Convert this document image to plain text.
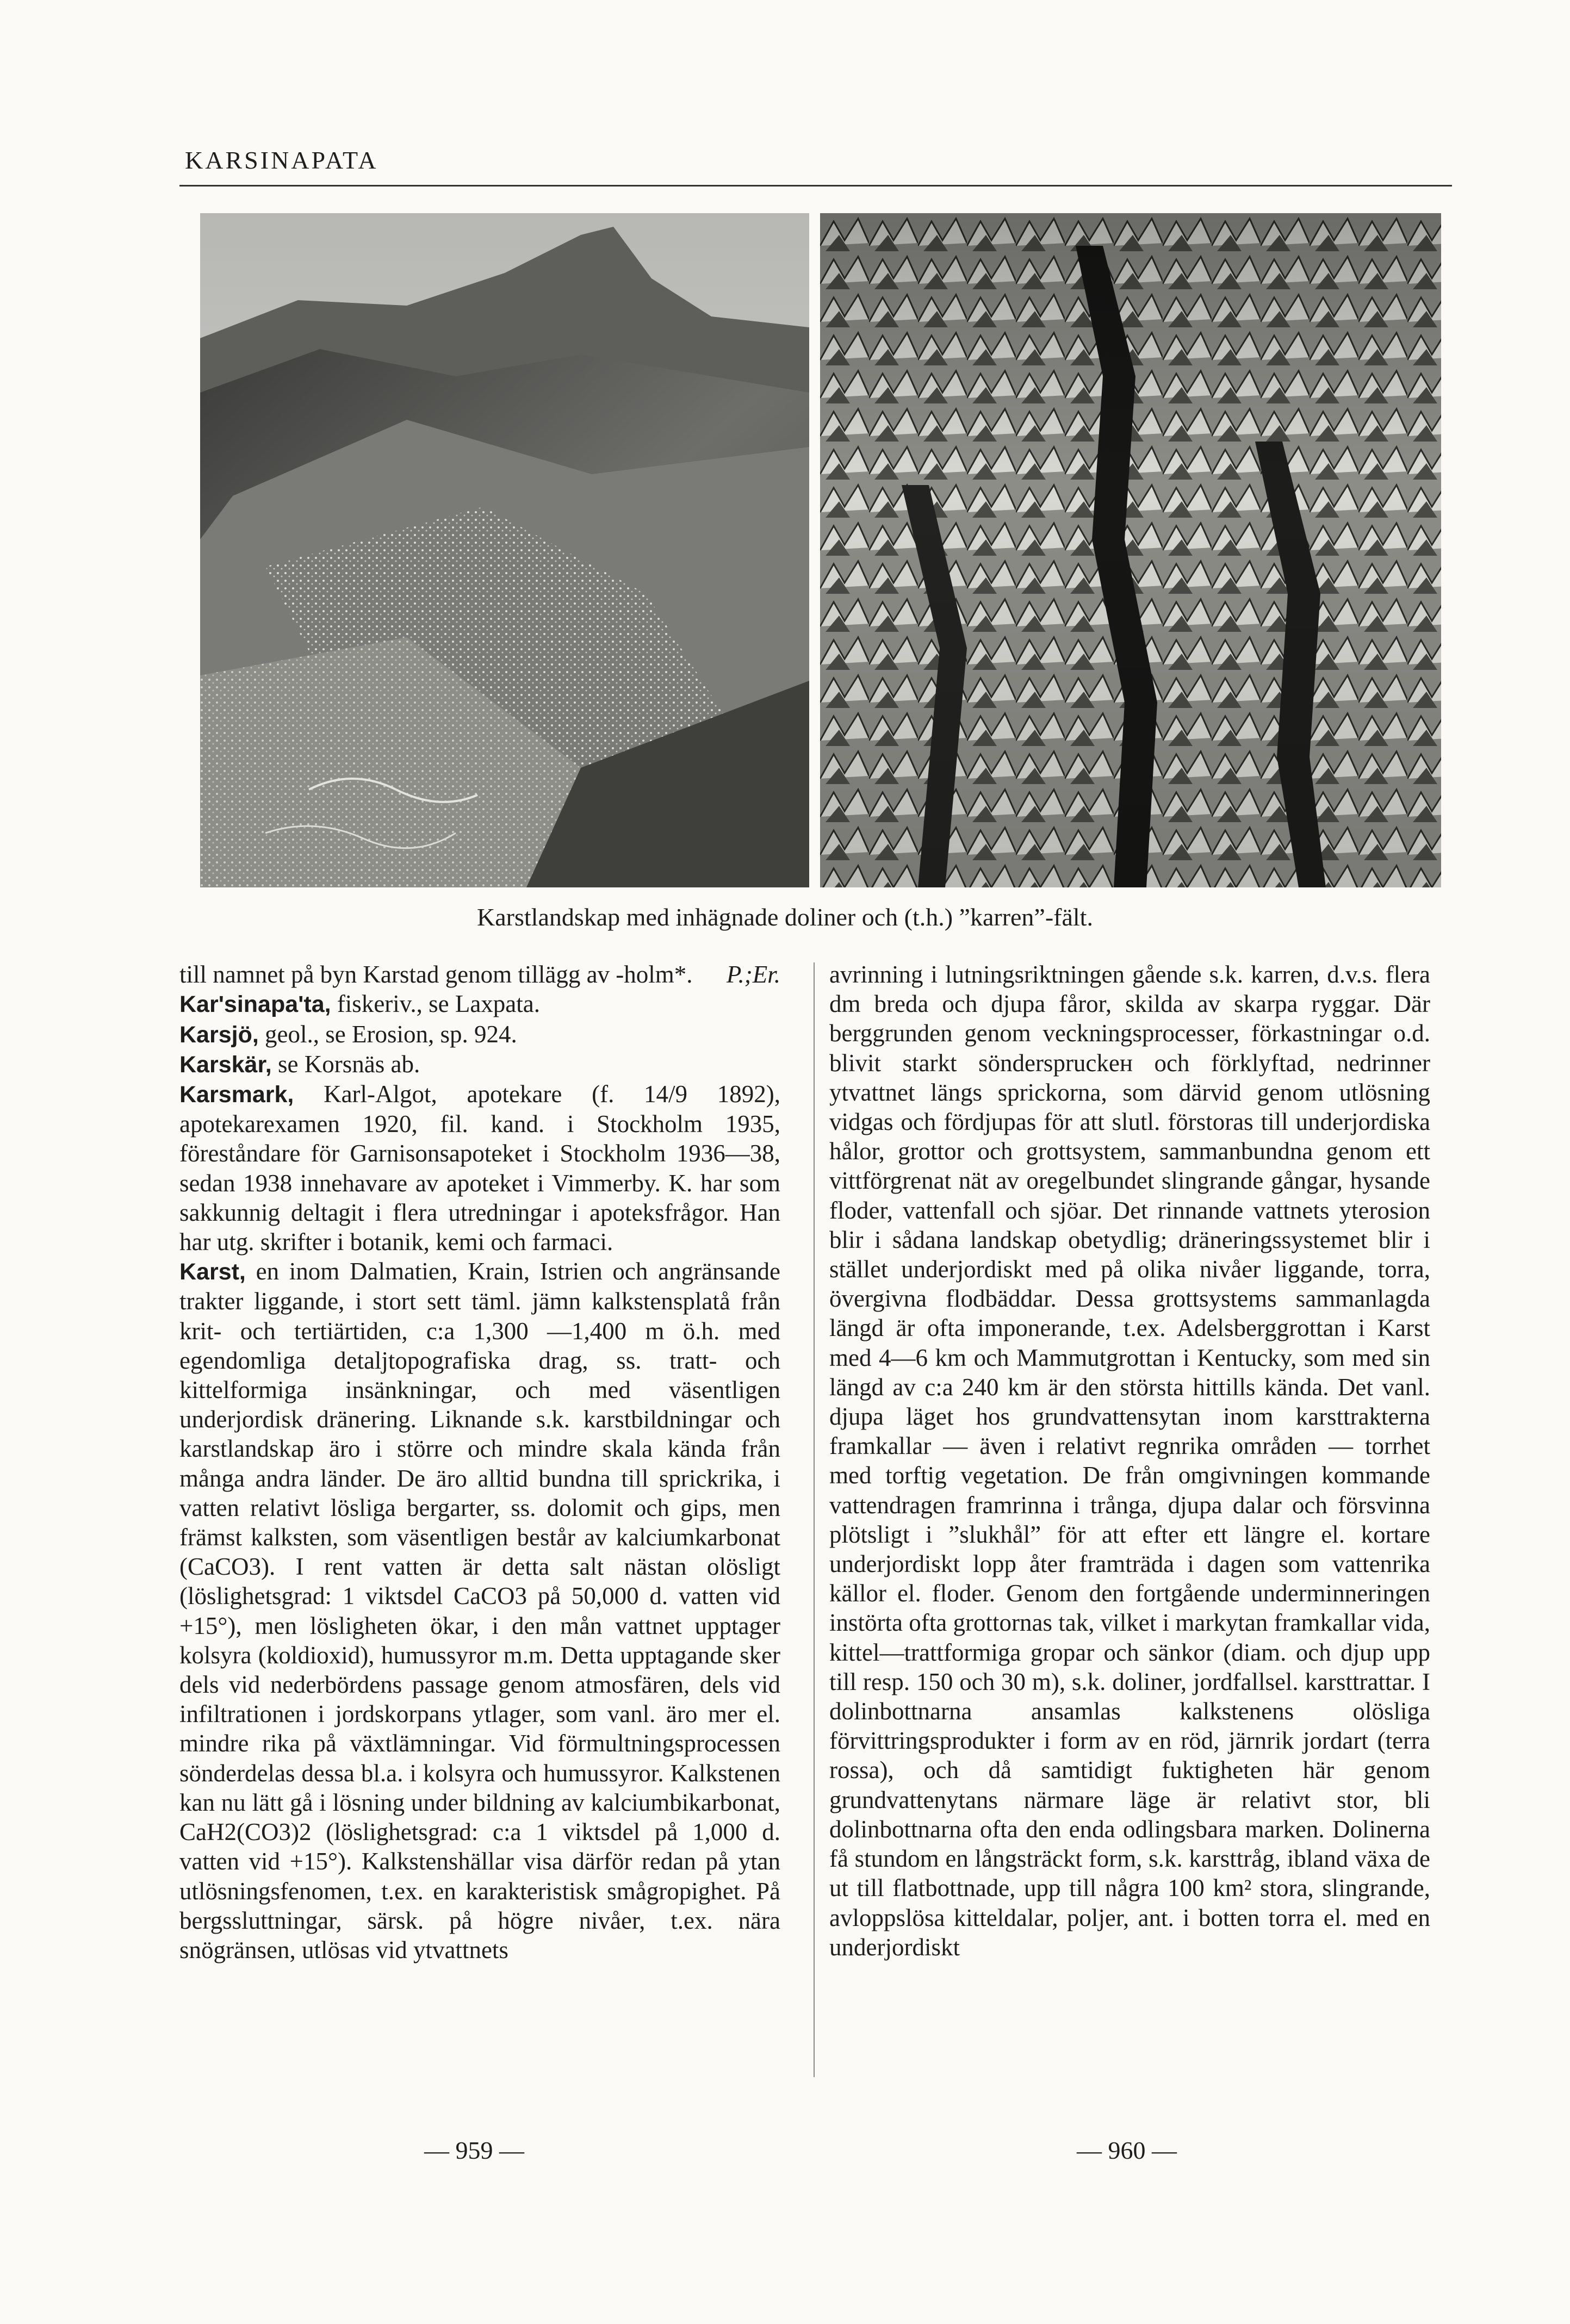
KARSINAPATA
Karstlandskap med inhägnade doliner och (t.h.) ”karren”-fält.

till namnet på byn Karstad genom tillägg av -holm*.	P.;Er.

Kar'sinapa'ta, fiskeriv., se Laxpata.

Karsjö, geol., se Erosion, sp. 924.

Karskär, se Korsnäs ab.

Karsmark, Karl-Algot, apotekare (f. 14/9 1892), apotekarexamen 1920, fil. kand. i Stockholm 1935, föreståndare för Garnisonsapoteket i Stockholm 1936—38, sedan 1938 innehavare av apoteket i Vimmerby. K. har som sakkunnig deltagit i flera utredningar i apoteksfrågor. Han har utg. skrifter i botanik, kemi och farmaci.

Karst, en inom Dalmatien, Krain, Istrien och angränsande trakter liggande, i stort sett täml. jämn kalkstensplatå från krit- och tertiärtiden, c:a 1,300 —1,400 m ö.h. med egendomliga detaljtopografiska drag, ss. tratt- och kittelformiga insänkningar, och med väsentligen underjordisk dränering. Liknande s.k. karstbildningar och karstlandskap äro i större och mindre skala kända från många andra länder. De äro alltid bundna till sprickrika, i vatten relativt lösliga bergarter, ss. dolomit och gips, men främst kalksten, som väsentligen består av kalciumkarbonat (CaCO3). I rent vatten är detta salt nästan olösligt (löslighetsgrad: 1 viktsdel CaCO3 på 50,000 d. vatten vid +15°), men lösligheten ökar, i den mån vattnet upptager kolsyra (koldioxid), humussyror m.m. Detta upptagande sker dels vid nederbördens passage genom atmosfären, dels vid infiltrationen i jordskorpans ytlager, som vanl. äro mer el. mindre rika på växtlämningar. Vid förmultningsprocessen sönderdelas dessa bl.a. i kolsyra och humussyror. Kalkstenen kan nu lätt gå i lösning under bildning av kalciumbikarbonat, CaH2(CO3)2 (löslighetsgrad: c:a 1 viktsdel på 1,000 d. vatten vid +15°). Kalkstenshällar visa därför redan på ytan utlösningsfenomen, t.ex. en karakteristisk smågropighet. På bergssluttningar, särsk. på högre nivåer, t.ex. nära snögränsen, utlösas vid ytvattnets

avrinning i lutningsriktningen gående s.k. karren, d.v.s. flera dm breda och djupa fåror, skilda av skarpa ryggar. Där berggrunden genom veckningsprocesser, förkastningar o.d. blivit starkt sönderspruckен och förklyftad, nedrinner ytvattnet längs sprickorna, som därvid genom utlösning vidgas och fördjupas för att slutl. förstoras till underjordiska hålor, grottor och grottsystem, sammanbundna genom ett vittförgrenat nät av oregelbundet slingrande gångar, hysande floder, vattenfall och sjöar. Det rinnande vattnets yterosion blir i sådana landskap obetydlig; dräneringssystemet blir i stället underjordiskt med på olika nivåer liggande, torra, övergivna flodbäddar. Dessa grottsystems sammanlagda längd är ofta imponerande, t.ex. Adelsberggrottan i Karst med 4—6 km och Mammutgrottan i Kentucky, som med sin längd av c:a 240 km är den största hittills kända. Det vanl. djupa läget hos grundvattensytan inom karsttrakterna framkallar — även i relativt regnrika områden — torrhet med torftig vegetation. De från omgivningen kommande vattendragen framrinna i trånga, djupa dalar och försvinna plötsligt i ”slukhål” för att efter ett längre el. kortare underjordiskt lopp åter framträda i dagen som vattenrika källor el. floder. Genom den fortgående underminneringen instörta ofta grottornas tak, vilket i markytan framkallar vida, kittel—trattformiga gropar och sänkor (diam. och djup upp till resp. 150 och 30 m), s.k. doliner, jordfallsel. karsttrattar. I dolinbottnarna ansamlas kalkstenens olösliga förvittringsprodukter i form av en röd, järnrik jordart (terra rossa), och då samtidigt fuktigheten här genom grundvattenytans närmare läge är relativt stor, bli dolinbottnarna ofta den enda odlingsbara marken. Dolinerna få stundom en långsträckt form, s.k. karsttråg, ibland växa de ut till flatbottnade, upp till några 100 km² stora, slingrande, avloppslösa kitteldalar, poljer, ant. i botten torra el. med en underjordiskt

— 959 —	— 960 —
